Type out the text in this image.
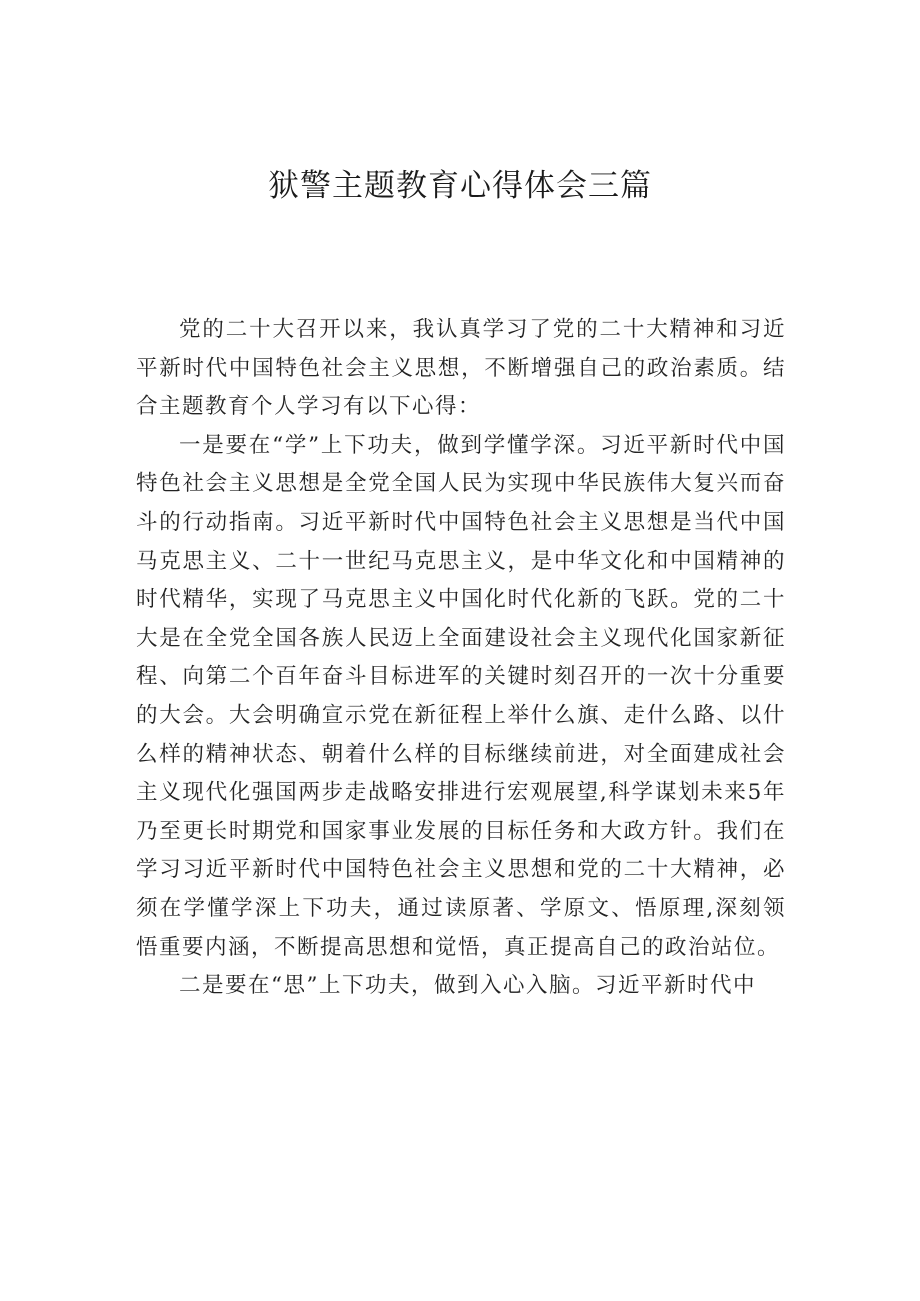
狱警主题教育心得体会三篇

党的二十大召开以来，我认真学习了党的二十大精神和习近平新时代中国特色社会主义思想，不断增强自己的政治素质。结合主题教育个人学习有以下心得：

一是要在“学”上下功夫，做到学懂学深。习近平新时代中国特色社会主义思想是全党全国人民为实现中华民族伟大复兴而奋斗的行动指南。习近平新时代中国特色社会主义思想是当代中国马克思主义、二十一世纪马克思主义，是中华文化和中国精神的时代精华，实现了马克思主义中国化时代化新的飞跃。党的二十大是在全党全国各族人民迈上全面建设社会主义现代化国家新征程、向第二个百年奋斗目标进军的关键时刻召开的一次十分重要的大会。大会明确宣示党在新征程上举什么旗、走什么路、以什么样的精神状态、朝着什么样的目标继续前进，对全面建成社会主义现代化强国两步走战略安排进行宏观展望,科学谋划未来5年乃至更长时期党和国家事业发展的目标任务和大政方针。我们在学习习近平新时代中国特色社会主义思想和党的二十大精神，必须在学懂学深上下功夫，通过读原著、学原文、悟原理,深刻领悟重要内涵，不断提高思想和觉悟，真正提高自己的政治站位。

二是要在“思”上下功夫，做到入心入脑。习近平新时代中
